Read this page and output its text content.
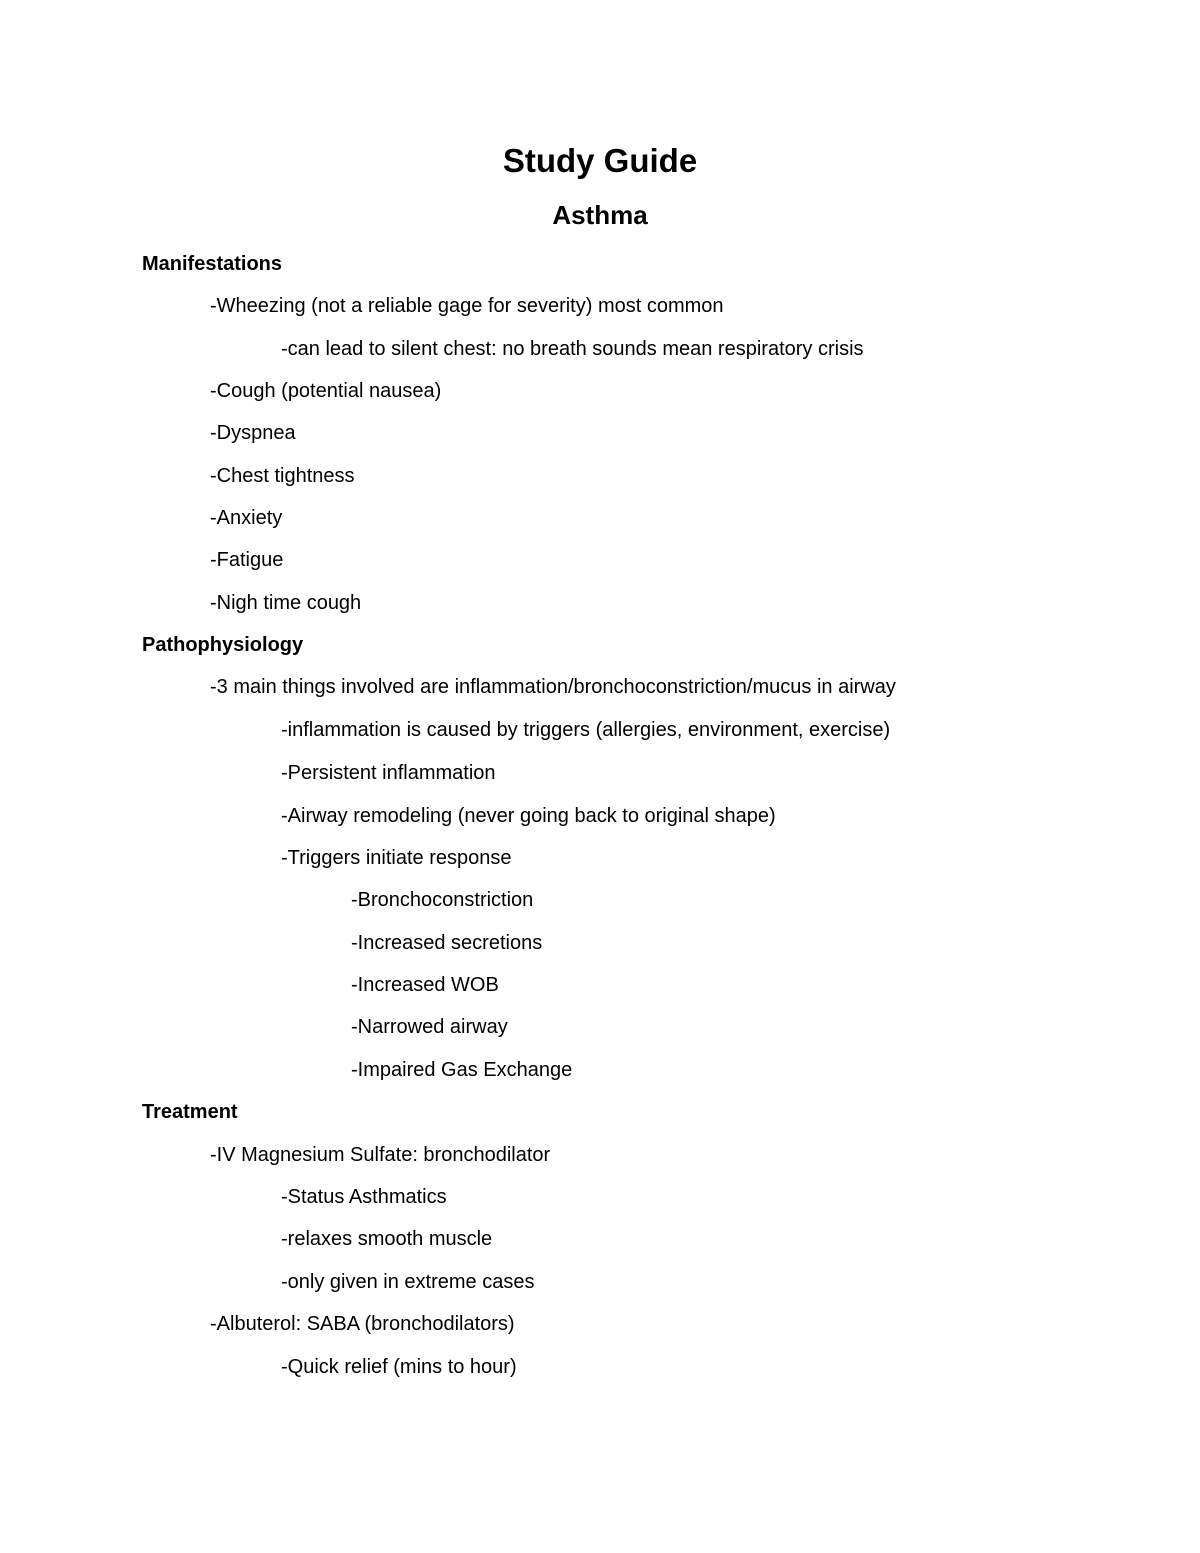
Study Guide
Asthma
Manifestations
-Wheezing (not a reliable gage for severity) most common
-can lead to silent chest: no breath sounds mean respiratory crisis
-Cough (potential nausea)
-Dyspnea
-Chest tightness
-Anxiety
-Fatigue
-Nigh time cough
Pathophysiology
-3 main things involved are inflammation/bronchoconstriction/mucus in airway
-inflammation is caused by triggers (allergies, environment, exercise)
-Persistent inflammation
-Airway remodeling (never going back to original shape)
-Triggers initiate response
-Bronchoconstriction
-Increased secretions
-Increased WOB
-Narrowed airway
-Impaired Gas Exchange
Treatment
-IV Magnesium Sulfate: bronchodilator
-Status Asthmatics
-relaxes smooth muscle
-only given in extreme cases
-Albuterol: SABA (bronchodilators)
-Quick relief (mins to hour)
